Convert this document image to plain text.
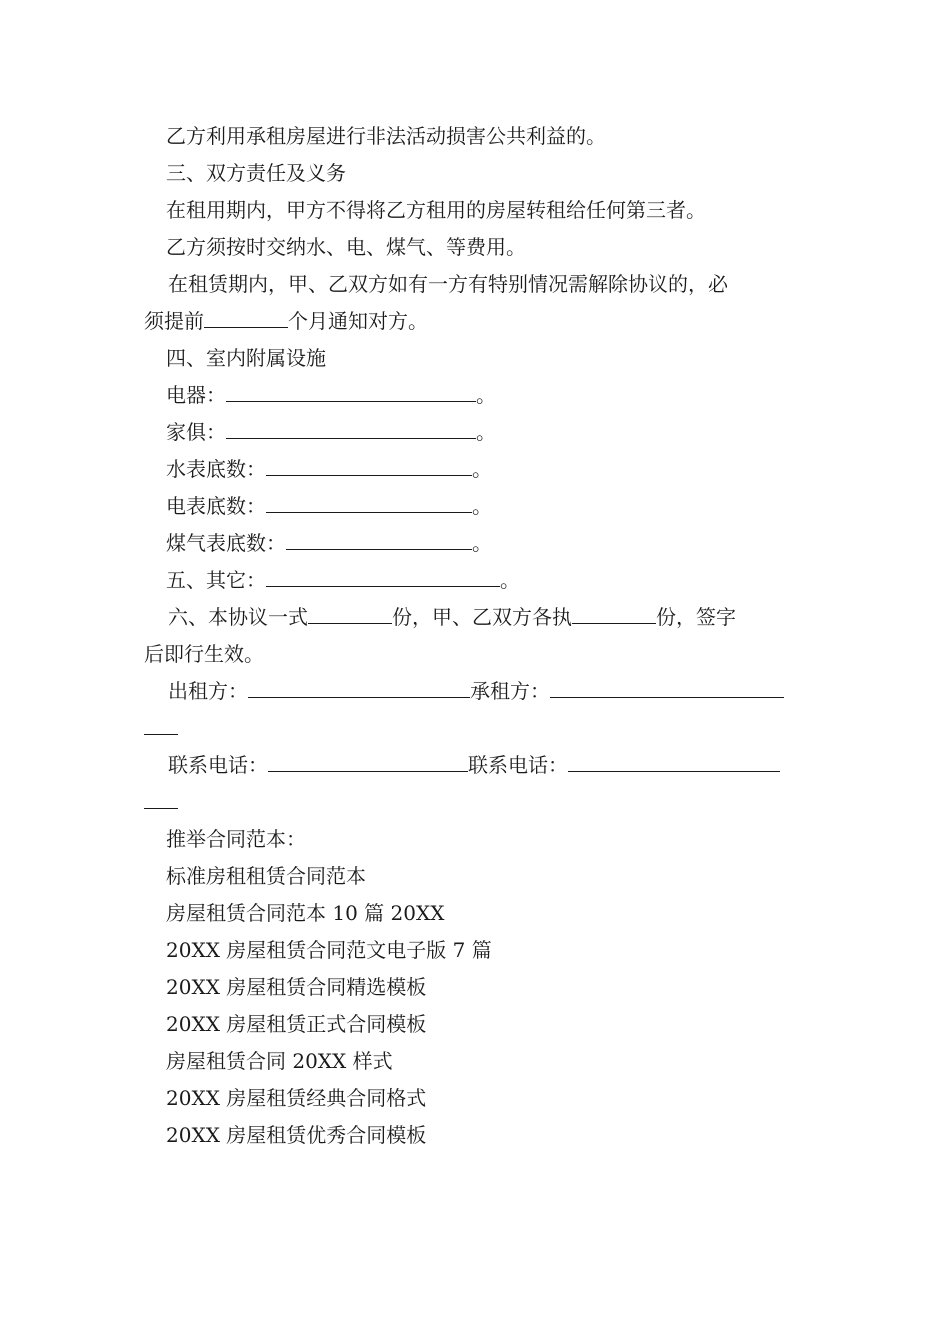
乙方利用承租房屋进行非法活动损害公共利益的。
三、双方责任及义务
在租用期内，甲方不得将乙方租用的房屋转租给任何第三者。
乙方须按时交纳水、电、煤气、等费用。
在租赁期内，甲、乙双方如有一方有特别情况需解除协议的，必
须提前	个月通知对方。
四、室内附属设施
电器：	。
家俱：	。
水表底数：	。
电表底数：	。
煤气表底数：	。
五、其它：	。
六、本协议一式	份，甲、乙双方各执	份，签字
后即行生效。
出租方：	承租方：
联系电话：	联系电话：
推举合同范本：
标准房租租赁合同范本
房屋租赁合同范本 10 篇 20XX
20XX 房屋租赁合同范文电子版 7 篇
20XX 房屋租赁合同精选模板
20XX 房屋租赁正式合同模板
房屋租赁合同 20XX 样式
20XX 房屋租赁经典合同格式
20XX 房屋租赁优秀合同模板
